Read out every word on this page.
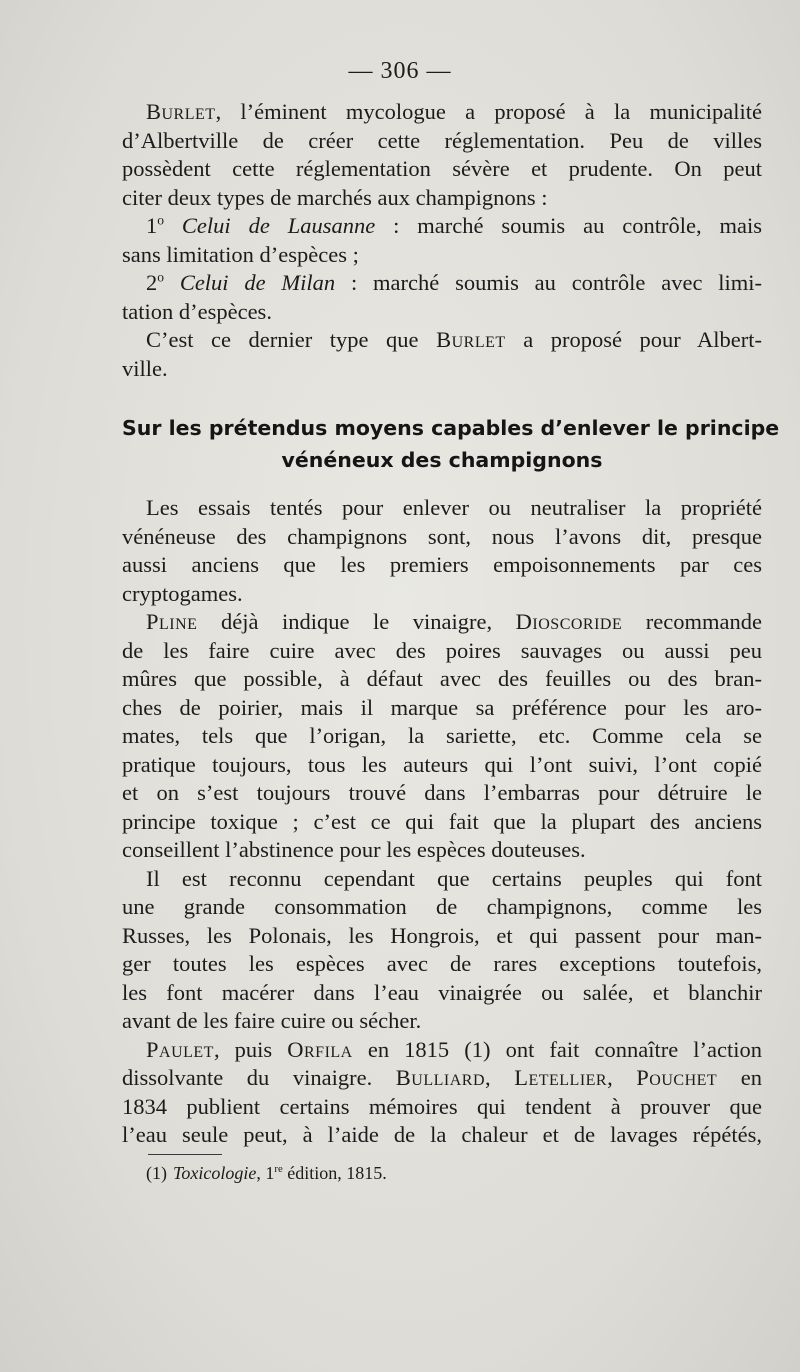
— 306 —
Burlet, l’éminent mycologue a proposé à la municipalité
d’Albertville de créer cette réglementation. Peu de villes
possèdent cette réglementation sévère et prudente. On peut
citer deux types de marchés aux champignons :
1$^o$ Celui de Lausanne : marché soumis au contrôle, mais
sans limitation d’espèces ;
2$^o$ Celui de Milan : marché soumis au contrôle avec limi-
tation d’espèces.
C’est ce dernier type que Burlet a proposé pour Albert-
ville.
Sur les prétendus moyens capables d’enlever le principe
vénéneux des champignons
Les essais tentés pour enlever ou neutraliser la propriété
vénéneuse des champignons sont, nous l’avons dit, presque
aussi anciens que les premiers empoisonnements par ces
cryptogames.
Pline déjà indique le vinaigre, Dioscoride recommande
de les faire cuire avec des poires sauvages ou aussi peu
mûres que possible, à défaut avec des feuilles ou des bran-
ches de poirier, mais il marque sa préférence pour les aro-
mates, tels que l’origan, la sariette, etc. Comme cela se
pratique toujours, tous les auteurs qui l’ont suivi, l’ont copié
et on s’est toujours trouvé dans l’embarras pour détruire le
principe toxique ; c’est ce qui fait que la plupart des anciens
conseillent l’abstinence pour les espèces douteuses.
Il est reconnu cependant que certains peuples qui font
une grande consommation de champignons, comme les
Russes, les Polonais, les Hongrois, et qui passent pour man-
ger toutes les espèces avec de rares exceptions toutefois,
les font macérer dans l’eau vinaigrée ou salée, et blanchir
avant de les faire cuire ou sécher.
Paulet, puis Orfila en 1815 (1) ont fait connaître l’action
dissolvante du vinaigre. Bulliard, Letellier, Pouchet en
1834 publient certains mémoires qui tendent à prouver que
l’eau seule peut, à l’aide de la chaleur et de lavages répétés,
(1) Toxicologie, 1re édition, 1815.
